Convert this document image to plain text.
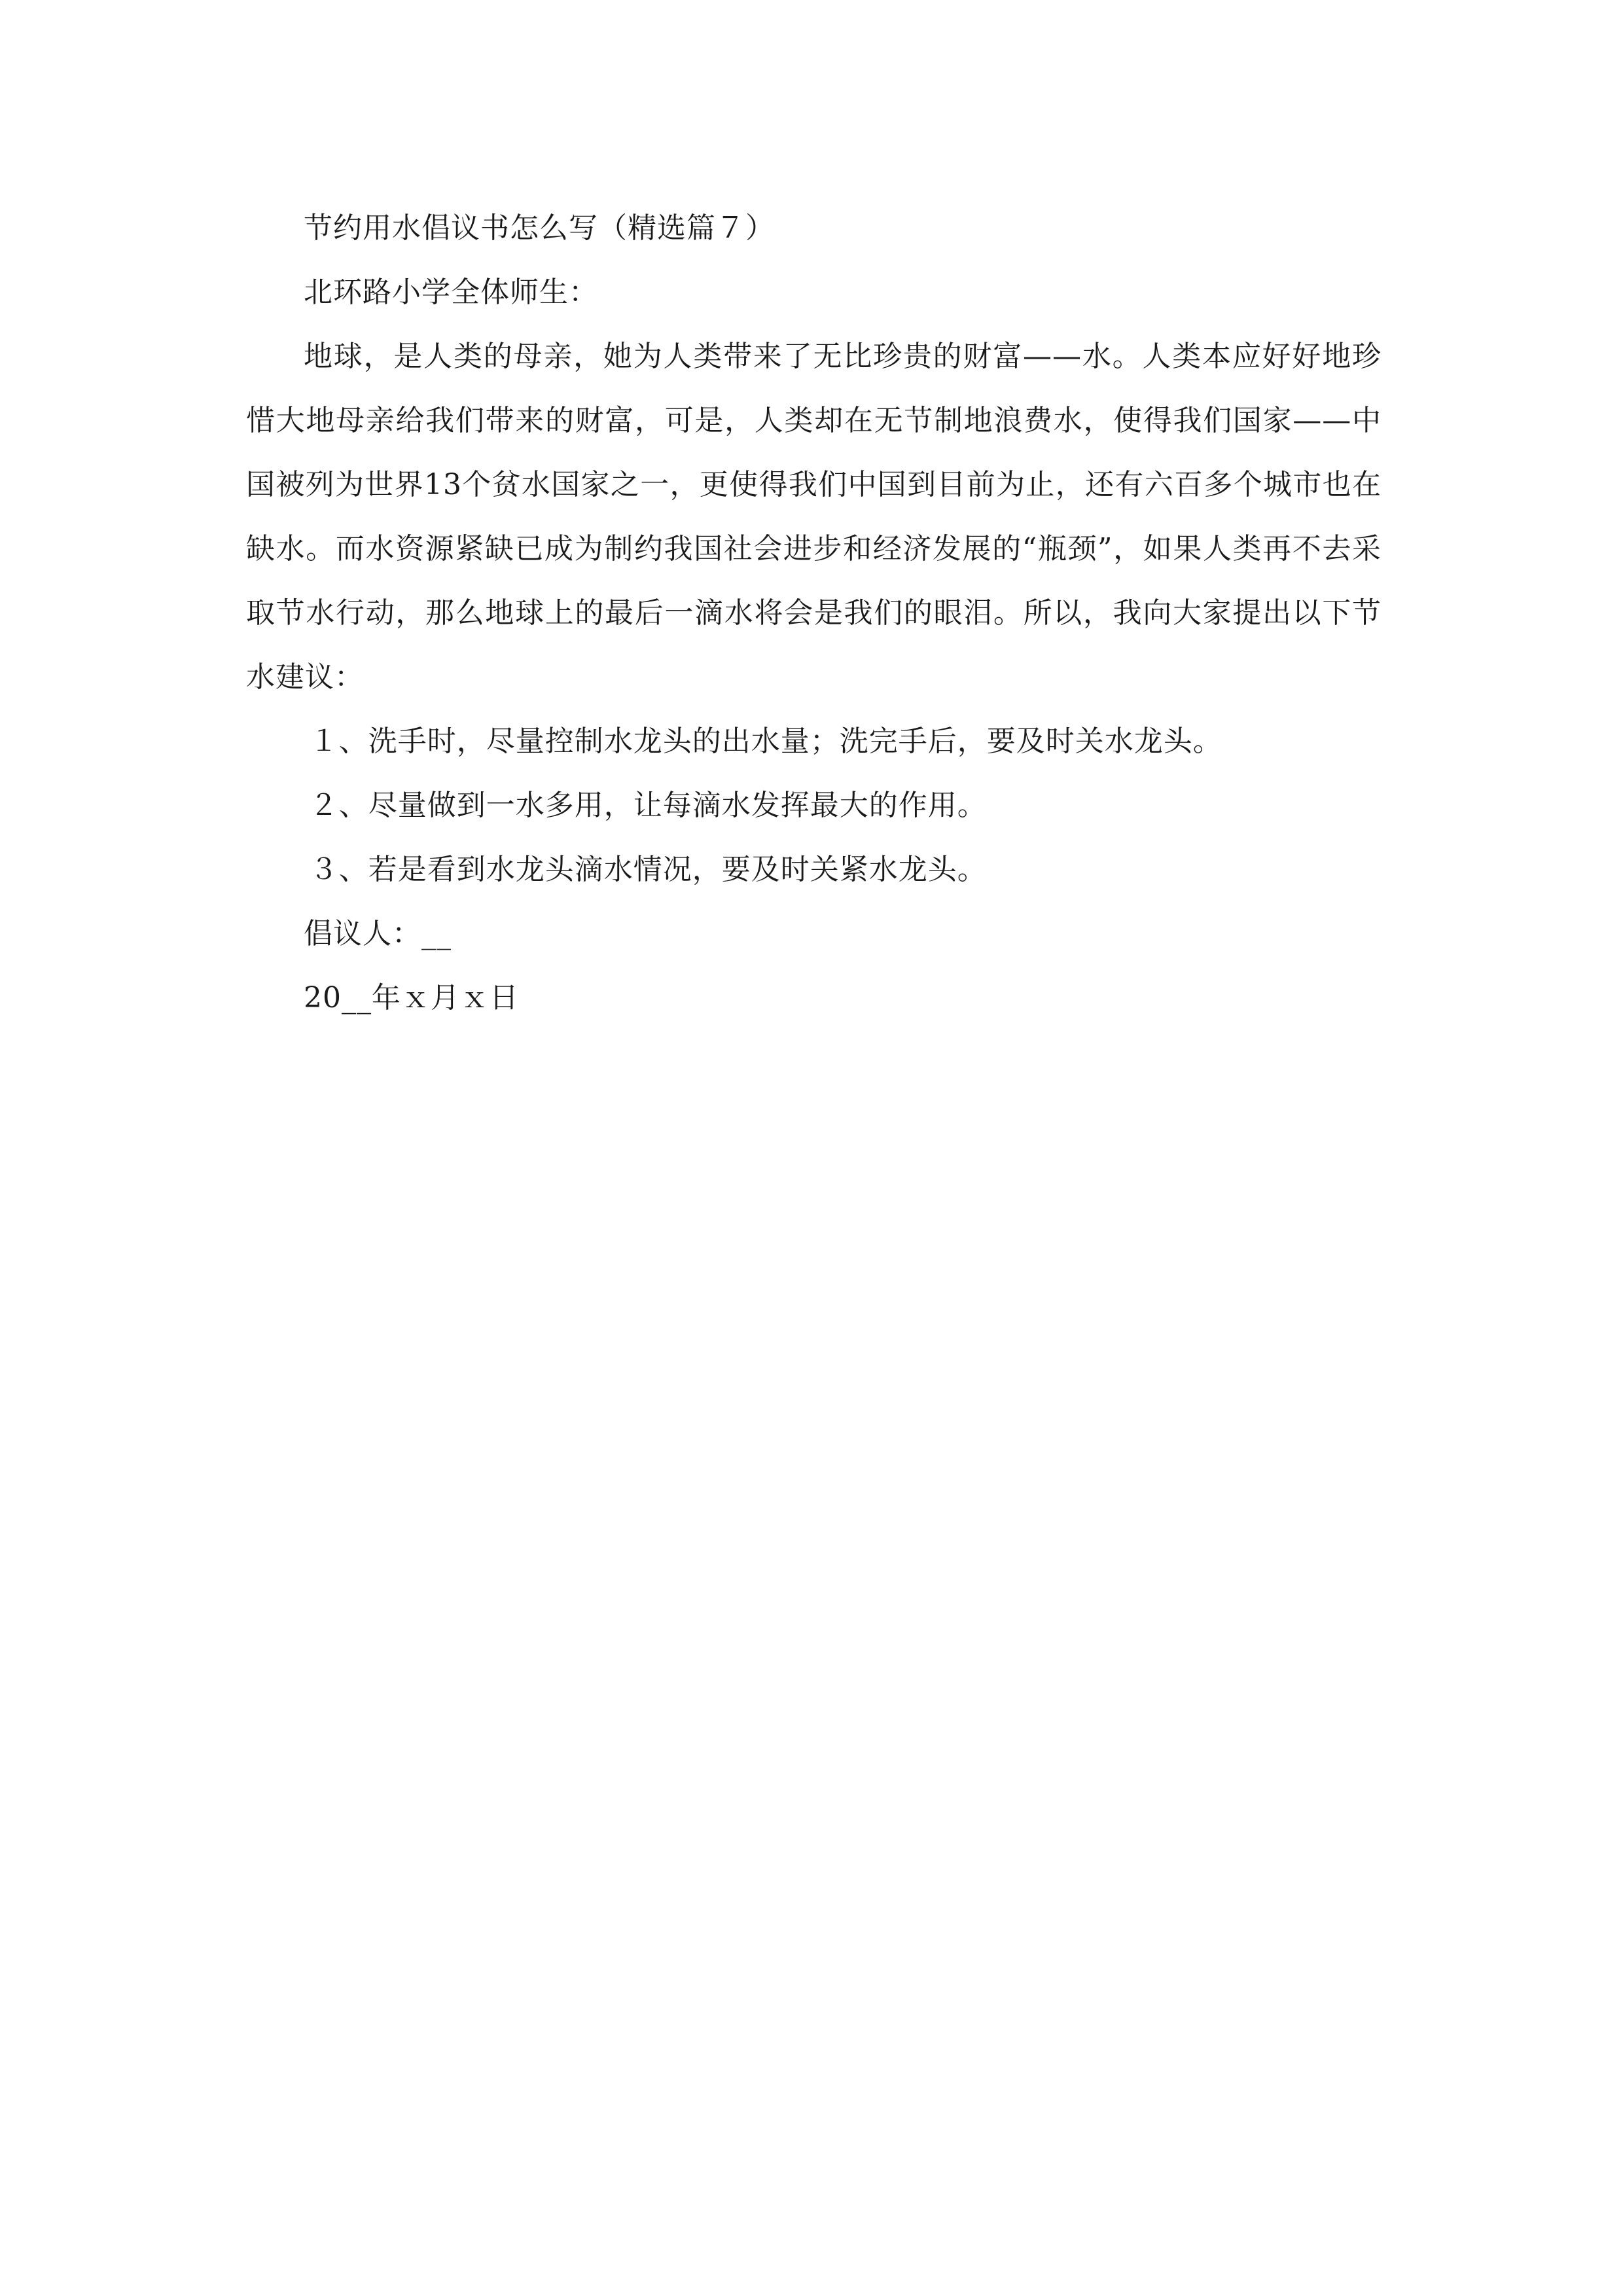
节约用水倡议书怎么写（精选篇７）

北环路小学全体师生：

地球，是人类的母亲，她为人类带来了无比珍贵的财富——水。人类本应好好地珍惜大地母亲给我们带来的财富，可是，人类却在无节制地浪费水，使得我们国家——中国被列为世界13个贫水国家之一，更使得我们中国到目前为止，还有六百多个城市也在缺水。而水资源紧缺已成为制约我国社会进步和经济发展的“瓶颈”，如果人类再不去采取节水行动，那么地球上的最后一滴水将会是我们的眼泪。所以，我向大家提出以下节水建议：

１、洗手时，尽量控制水龙头的出水量；洗完手后，要及时关水龙头。

２、尽量做到一水多用，让每滴水发挥最大的作用。

３、若是看到水龙头滴水情况，要及时关紧水龙头。

倡议人：__

20__年ｘ月ｘ日
